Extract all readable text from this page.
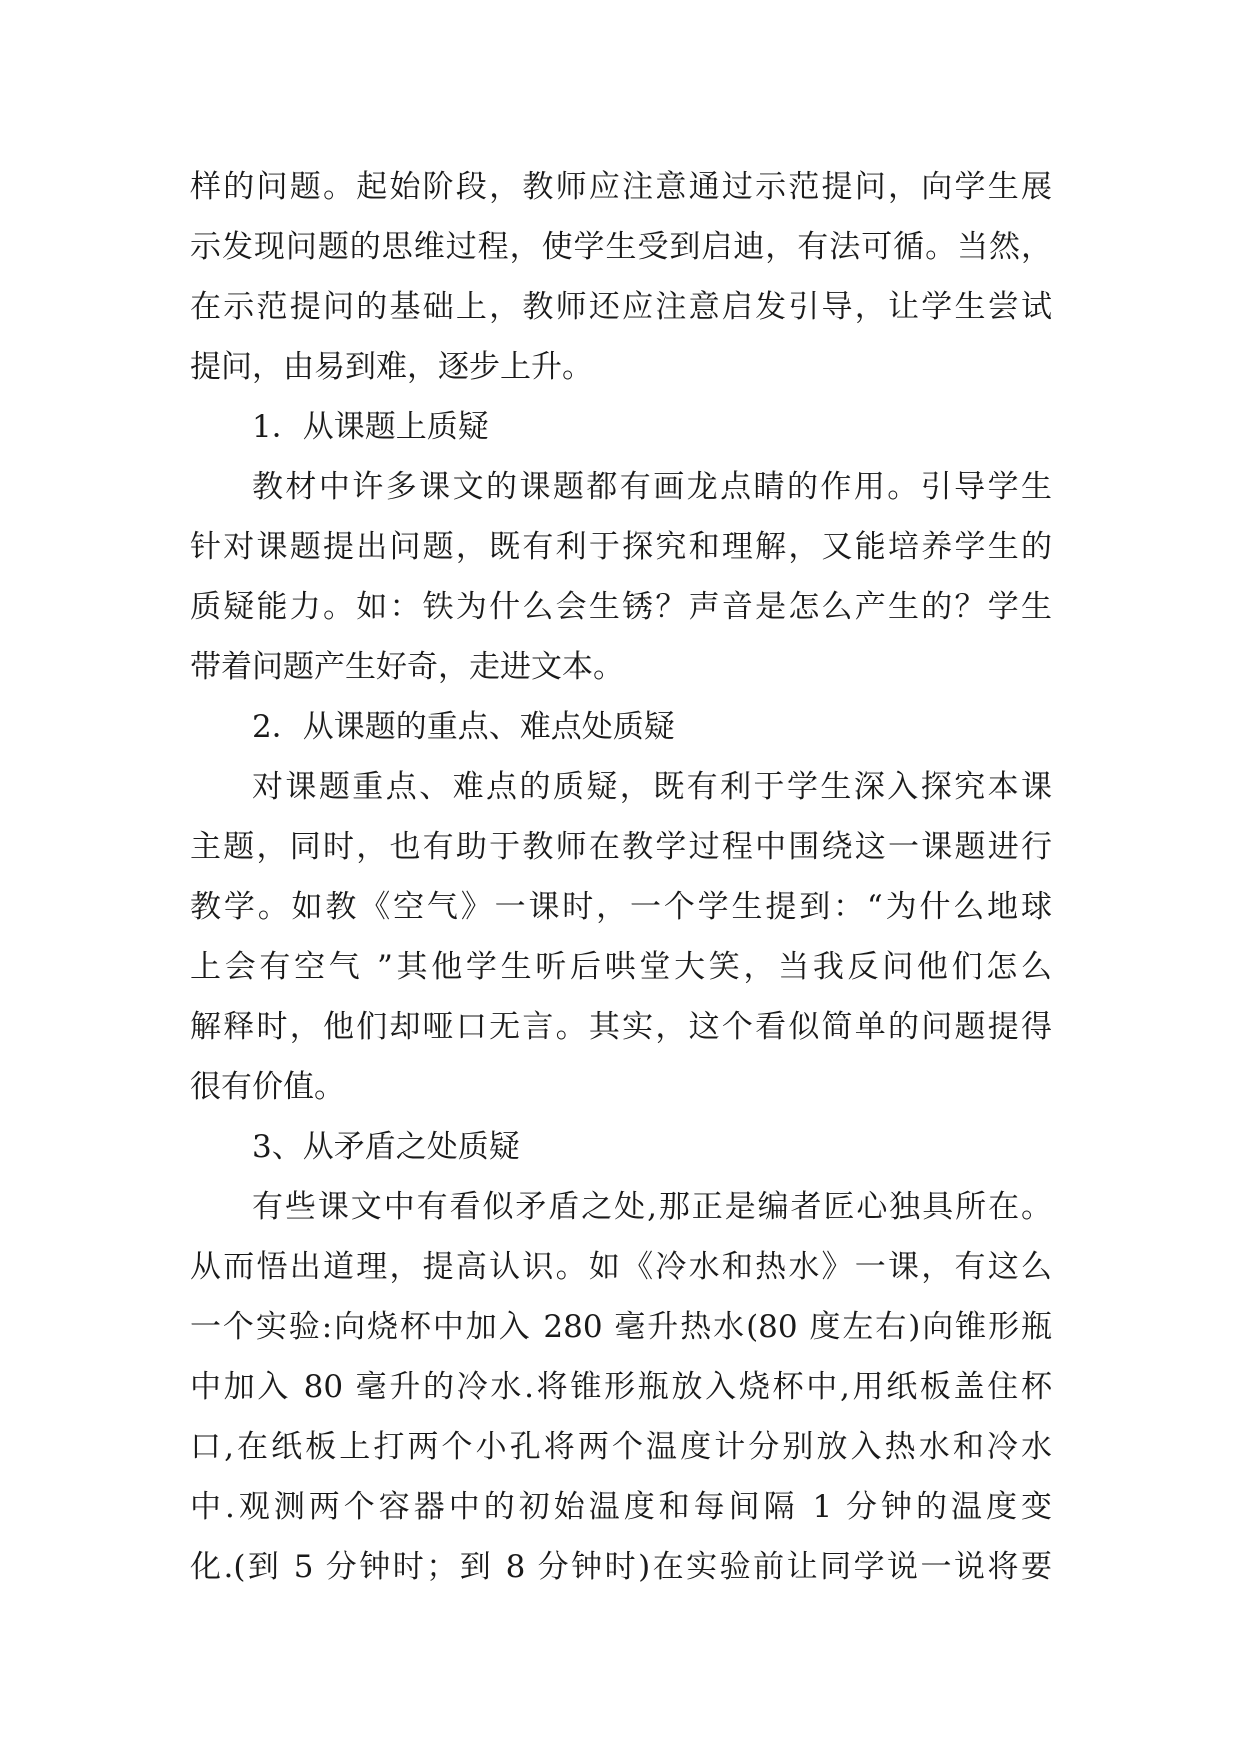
样的问题。起始阶段，教师应注意通过示范提问，向学生展
示发现问题的思维过程，使学生受到启迪，有法可循。当然，
在示范提问的基础上，教师还应注意启发引导，让学生尝试
提问，由易到难，逐步上升。
1．从课题上质疑
教材中许多课文的课题都有画龙点睛的作用。引导学生
针对课题提出问题，既有利于探究和理解，又能培养学生的
质疑能力。如：铁为什么会生锈？声音是怎么产生的？学生
带着问题产生好奇，走进文本。
2．从课题的重点、难点处质疑
对课题重点、难点的质疑，既有利于学生深入探究本课
主题，同时，也有助于教师在教学过程中围绕这一课题进行
教学。如教《空气》一课时，一个学生提到：“为什么地球
上会有空气 ”其他学生听后哄堂大笑，当我反问他们怎么
解释时，他们却哑口无言。其实，这个看似简单的问题提得
很有价值。
3、从矛盾之处质疑
有些课文中有看似矛盾之处,那正是编者匠心独具所在。
从而悟出道理，提高认识。如《冷水和热水》一课，有这么
一个实验:向烧杯中加入 280 毫升热水(80 度左右)向锥形瓶
中加入 80 毫升的冷水.将锥形瓶放入烧杯中,用纸板盖住杯
口,在纸板上打两个小孔将两个温度计分别放入热水和冷水
中.观测两个容器中的初始温度和每间隔 1 分钟的温度变
化.(到 5 分钟时；到 8 分钟时)在实验前让同学说一说将要
